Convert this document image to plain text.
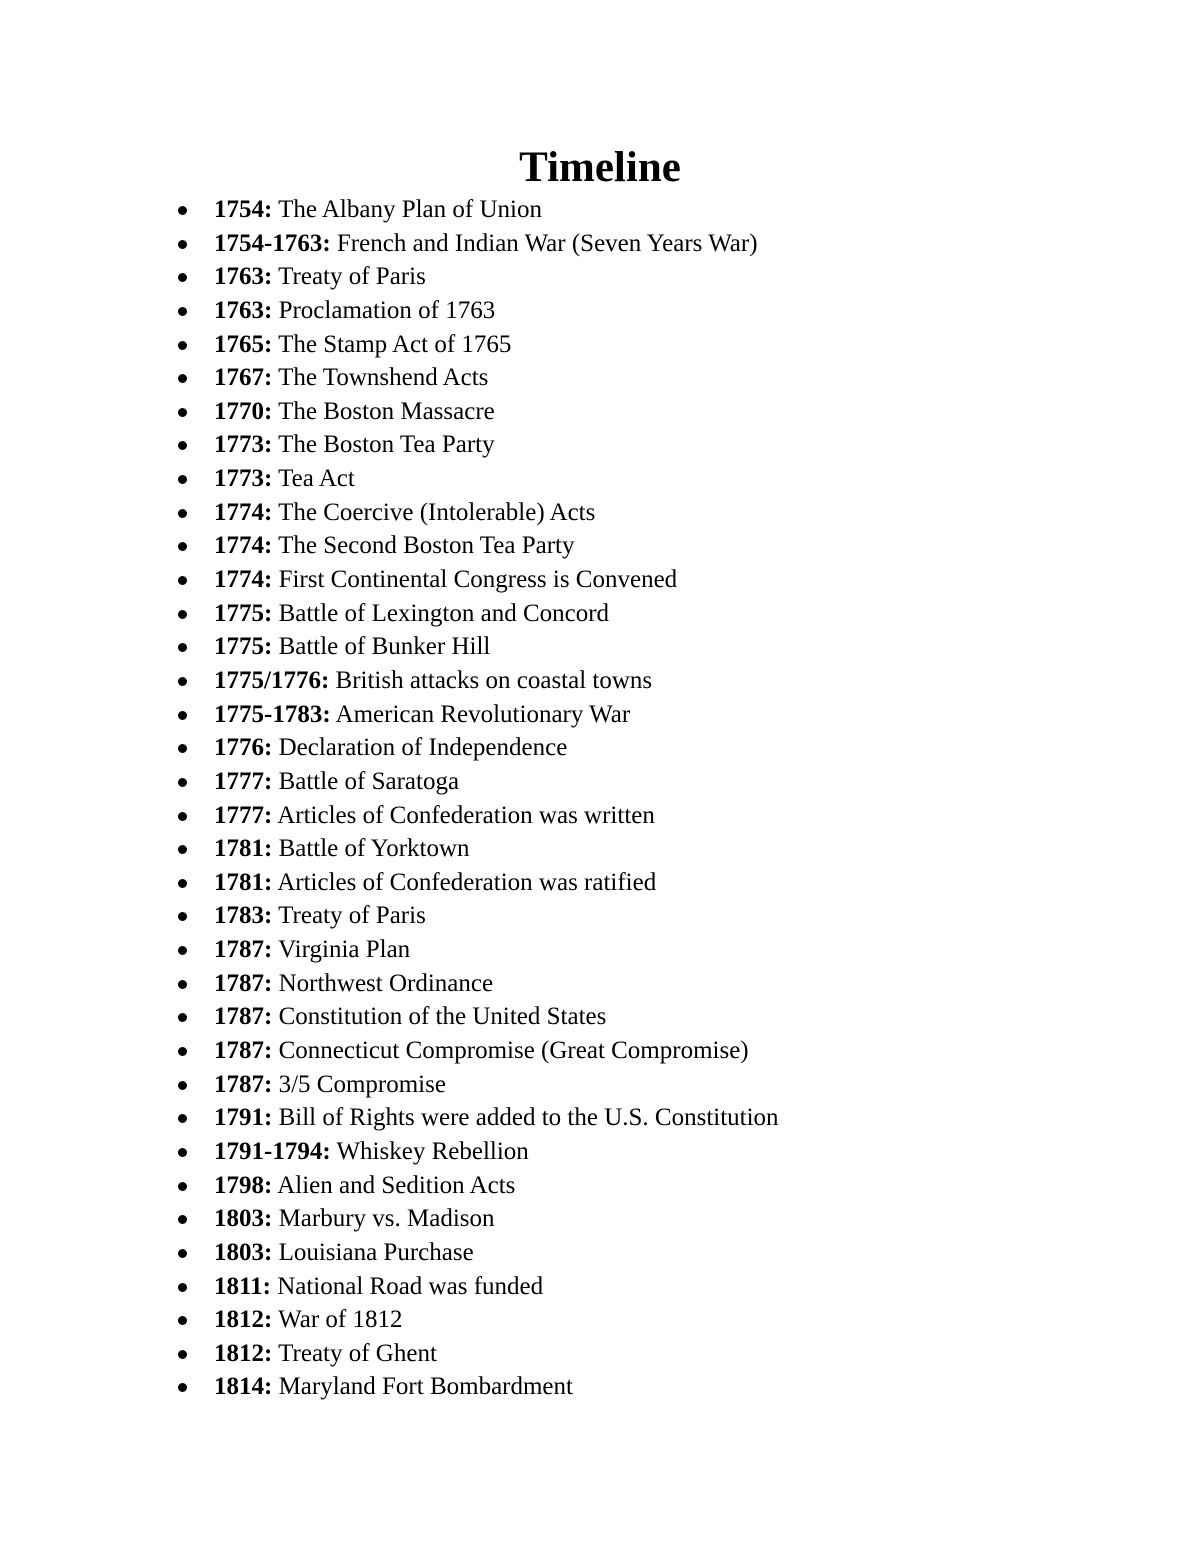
Timeline
1754: The Albany Plan of Union
1754-1763: French and Indian War (Seven Years War)
1763: Treaty of Paris
1763: Proclamation of 1763
1765: The Stamp Act of 1765
1767: The Townshend Acts
1770: The Boston Massacre
1773: The Boston Tea Party
1773: Tea Act
1774: The Coercive (Intolerable) Acts
1774: The Second Boston Tea Party
1774: First Continental Congress is Convened
1775: Battle of Lexington and Concord
1775: Battle of Bunker Hill
1775/1776: British attacks on coastal towns
1775-1783: American Revolutionary War
1776: Declaration of Independence
1777: Battle of Saratoga
1777: Articles of Confederation was written
1781: Battle of Yorktown
1781: Articles of Confederation was ratified
1783: Treaty of Paris
1787: Virginia Plan
1787: Northwest Ordinance
1787: Constitution of the United States
1787: Connecticut Compromise (Great Compromise)
1787: 3/5 Compromise
1791: Bill of Rights were added to the U.S. Constitution
1791-1794: Whiskey Rebellion
1798: Alien and Sedition Acts
1803: Marbury vs. Madison
1803: Louisiana Purchase
1811: National Road was funded
1812: War of 1812
1812: Treaty of Ghent
1814: Maryland Fort Bombardment
